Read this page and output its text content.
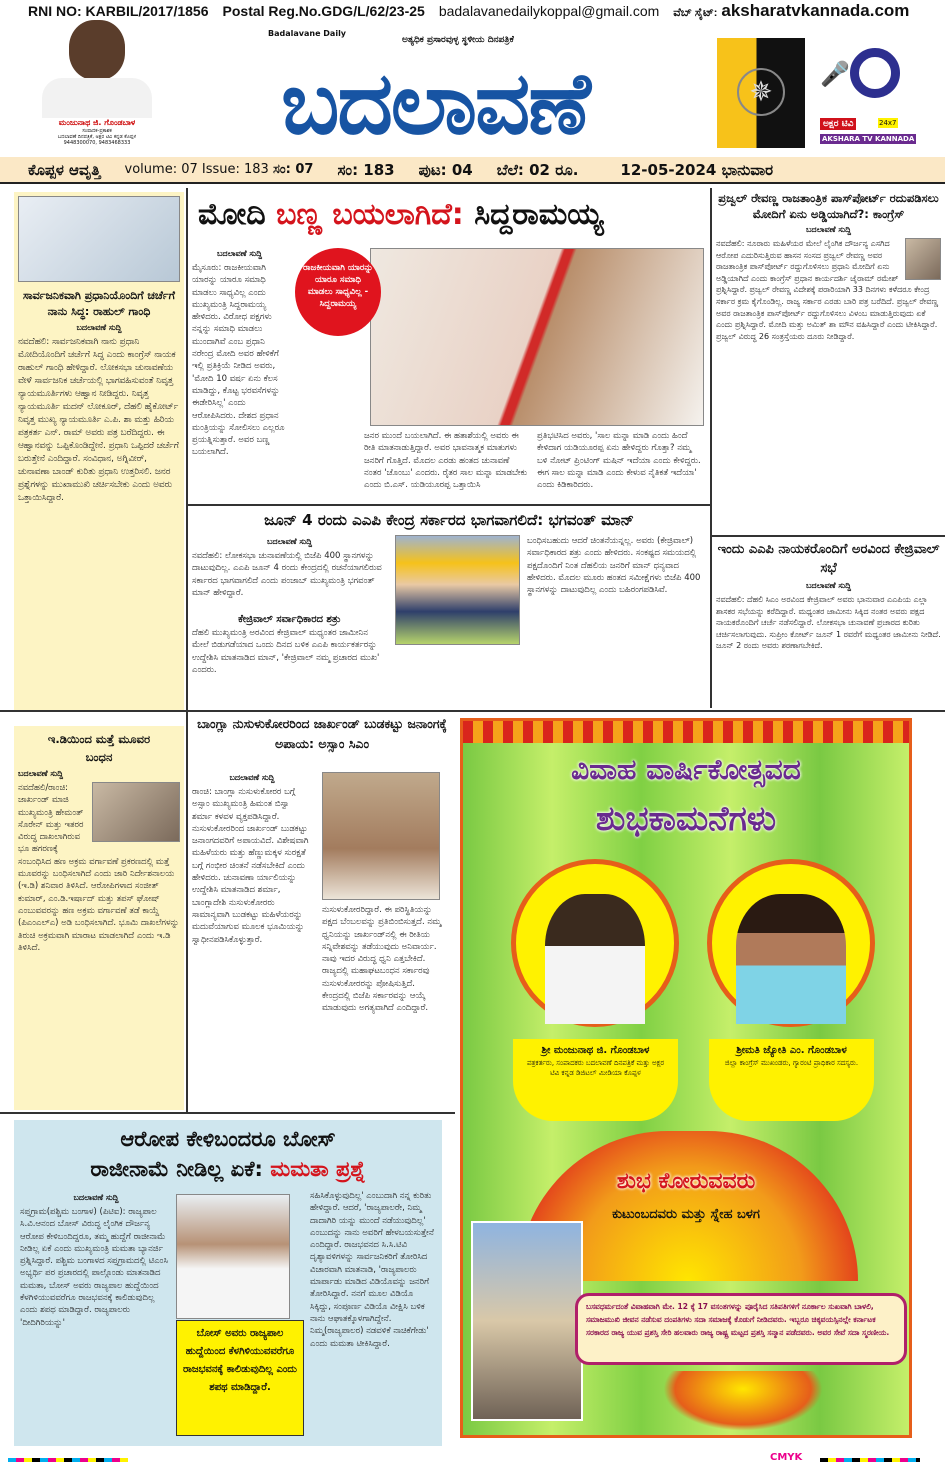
RNI NO: KARBIL/2017/1856 Postal Reg.No.GDG/L/62/23-25 badalavanedailykoppal@gmail.com ವೆಬ್ ಸೈಟ್: aksharatvkannada.com
ಮಂಜುನಾಥ ಜಿ. ಗೊಂಡಬಾಳ
ಸಂಪಾದಕ-ಪ್ರಕಾಶಕ
ಬದಲಾವಣೆ ದಿನಪತ್ರಿಕೆ, ಅಕ್ಷರ ಟಿವಿ ಕನ್ನಡ ಕೊಪ್ಪಳ
9448300070, 9483468333
Badalavane Daily
ಅತ್ಯಧಿಕ ಪ್ರಸಾರವುಳ್ಳ ಸ್ಥಳೀಯ ದಿನಪತ್ರಿಕೆ
ಬದಲಾವಣೆ	✵
🎤
ಅಕ್ಷರ ಟಿವಿ	24x7
AKSHARA TV KANNADA
ಕೊಪ್ಪಳ ಆವೃತ್ತಿ volume: 07 Issue: 183 ಸಂ: 07 ಸಂ: 183 ಪುಟ: 04 ಬೆಲೆ: 02 ರೂ.	12-05-2024 ಭಾನುವಾರ
ಸಾರ್ವಜನಿಕವಾಗಿ ಪ್ರಧಾನಿಯೊಂದಿಗೆ ಚರ್ಚೆಗೆ ನಾನು ಸಿದ್ಧ: ರಾಹುಲ್ ಗಾಂಧಿ
ಬದಲಾವಣೆ ಸುದ್ದಿ
ನವದೆಹಲಿ: ಸಾರ್ವಜನಿಕವಾಗಿ ನಾನು ಪ್ರಧಾನಿ ಮೋದಿಯೊಂದಿಗೆ ಚರ್ಚೆಗೆ ಸಿದ್ಧ ಎಂದು ಕಾಂಗ್ರೆಸ್ ನಾಯಕ ರಾಹುಲ್ ಗಾಂಧಿ ಹೇಳಿದ್ದಾರೆ. ಲೋಕಸಭಾ ಚುನಾವಣೆಯ ವೇಳೆ ಸಾರ್ವಜನಿಕ ಚರ್ಚೆಯಲ್ಲಿ ಭಾಗವಹಿಸುವಂತೆ ನಿವೃತ್ತ ನ್ಯಾಯಮೂರ್ತಿಗಳು ಆಹ್ವಾನ ನೀಡಿದ್ದರು. ನಿವೃತ್ತ ನ್ಯಾಯಮೂರ್ತಿ ಮದನ್ ಲೋಕೂರ್, ದೆಹಲಿ ಹೈಕೋರ್ಟ್ ನಿವೃತ್ತ ಮುಖ್ಯ ನ್ಯಾಯಮೂರ್ತಿ ಎ.ಪಿ. ಶಾ ಮತ್ತು ಹಿರಿಯ ಪತ್ರಕರ್ತ ಎನ್. ರಾಮ್ ಅವರು ಪತ್ರ ಬರೆದಿದ್ದರು. ಈ ಆಹ್ವಾನವನ್ನು ಒಪ್ಪಿಕೊಂಡಿದ್ದೇನೆ. ಪ್ರಧಾನಿ ಒಪ್ಪಿದರೆ ಚರ್ಚೆಗೆ ಬರುತ್ತೇನೆ ಎಂದಿದ್ದಾರೆ. ಸಂವಿಧಾನ, ಅಗ್ನಿವೀರ್, ಚುನಾವಣಾ ಬಾಂಡ್ ಕುರಿತು ಪ್ರಧಾನಿ ಉತ್ತರಿಸಲಿ. ಜನರ ಪ್ರಶ್ನೆಗಳನ್ನು ಮುಖಾಮುಖಿ ಚರ್ಚಿಸಬೇಕು ಎಂದು ಅವರು ಒತ್ತಾಯಿಸಿದ್ದಾರೆ.
ಮೋದಿ ಬಣ್ಣ ಬಯಲಾಗಿದೆ: ಸಿದ್ದರಾಮಯ್ಯ
ಬದಲಾವಣೆ ಸುದ್ದಿ
ಮೈಸೂರು: ರಾಜಕೀಯವಾಗಿ ಯಾರನ್ನು ಯಾರೂ ಸಮಾಧಿ ಮಾಡಲು ಸಾಧ್ಯವಿಲ್ಲ ಎಂದು ಮುಖ್ಯಮಂತ್ರಿ ಸಿದ್ದರಾಮಯ್ಯ ಹೇಳಿದರು. ವಿರೋಧ ಪಕ್ಷಗಳು ನನ್ನನ್ನು ಸಮಾಧಿ ಮಾಡಲು ಮುಂದಾಗಿವೆ ಎಂಬ ಪ್ರಧಾನಿ ನರೇಂದ್ರ ಮೋದಿ ಅವರ ಹೇಳಿಕೆಗೆ ಇಲ್ಲಿ ಪ್ರತಿಕ್ರಿಯೆ ನೀಡಿದ ಅವರು, 'ಮೋದಿ 10 ವರ್ಷ ಏನು ಕೆಲಸ ಮಾಡಿದ್ದು, ಕೊಟ್ಟ ಭರವಸೆಗಳನ್ನು ಈಡೇರಿಸಿಲ್ಲ' ಎಂದು ಆರೋಪಿಸಿದರು. ದೇಶದ ಪ್ರಧಾನ ಮಂತ್ರಿಯನ್ನು ಸೋಲಿಸಲು ಎಲ್ಲರೂ ಪ್ರಯತ್ನಿಸುತ್ತಾರೆ. ಅವರ ಬಣ್ಣ ಬಯಲಾಗಿದೆ.
ರಾಜಕೀಯವಾಗಿ ಯಾರನ್ನು ಯಾರೂ ಸಮಾಧಿ ಮಾಡಲು ಸಾಧ್ಯವಿಲ್ಲ - ಸಿದ್ದರಾಮಯ್ಯ
ಜನರ ಮುಂದೆ ಬಯಲಾಗಿದೆ. ಈ ಹತಾಶೆಯಲ್ಲಿ ಅವರು ಈ ರೀತಿ ಮಾತನಾಡುತ್ತಿದ್ದಾರೆ. ಅವರ ಭಾವನಾತ್ಮಕ ಮಾತುಗಳು ಜನರಿಗೆ ಗೊತ್ತಿದೆ. ಮೊದಲ ಎರಡು ಹಂತದ ಚುನಾವಣೆ ನಂತರ 'ಚೊಂಬು' ಎಂದರು. ರೈತರ ಸಾಲ ಮನ್ನಾ ಮಾಡಬೇಕು ಎಂದು ಬಿ.ಎಸ್. ಯಡಿಯೂರಪ್ಪ ಒತ್ತಾಯಿಸಿ
ಪ್ರತಿಭಟಿಸಿದ ಅವರು, 'ಸಾಲ ಮನ್ನಾ ಮಾಡಿ ಎಂದು ಹಿಂದೆ ಕೇಳಿದಾಗ ಯಡಿಯೂರಪ್ಪ ಏನು ಹೇಳಿದ್ದರು ಗೊತ್ತಾ? ನಮ್ಮ ಬಳಿ ನೋಟ್ ಪ್ರಿಂಟಿಂಗ್ ಮಷಿನ್ ಇದೆಯಾ ಎಂದು ಕೇಳಿದ್ದರು. ಈಗ ಸಾಲ ಮನ್ನಾ ಮಾಡಿ ಎಂದು ಕೇಳುವ ನೈತಿಕತೆ ಇದೆಯಾ' ಎಂದು ಕಿಡಿಕಾರಿದರು.
ಜೂನ್ 4 ರಂದು ಎಎಪಿ ಕೇಂದ್ರ ಸರ್ಕಾರದ ಭಾಗವಾಗಲಿದೆ: ಭಗವಂತ್ ಮಾನ್
ಬದಲಾವಣೆ ಸುದ್ದಿ
ನವದೆಹಲಿ: ಲೋಕಸಭಾ ಚುನಾವಣೆಯಲ್ಲಿ ಬಿಜೆಪಿ 400 ಸ್ಥಾನಗಳನ್ನು ದಾಟುವುದಿಲ್ಲ. ಎಎಪಿ ಜೂನ್ 4 ರಂದು ಕೇಂದ್ರದಲ್ಲಿ ರಚನೆಯಾಗಲಿರುವ ಸರ್ಕಾರದ ಭಾಗವಾಗಲಿದೆ ಎಂದು ಪಂಜಾಬ್ ಮುಖ್ಯಮಂತ್ರಿ ಭಗವಂತ್ ಮಾನ್ ಹೇಳಿದ್ದಾರೆ.
ಕೇಜ್ರಿವಾಲ್ ಸರ್ವಾಧಿಕಾರದ ಶತ್ರು
ದೆಹಲಿ ಮುಖ್ಯಮಂತ್ರಿ ಅರವಿಂದ ಕೇಜ್ರಿವಾಲ್ ಮಧ್ಯಂತರ ಜಾಮೀನಿನ ಮೇಲೆ ಬಿಡುಗಡೆಯಾದ ಒಂದು ದಿನದ ಬಳಿಕ ಎಎಪಿ ಕಾರ್ಯಕರ್ತರನ್ನು ಉದ್ದೇಶಿಸಿ ಮಾತನಾಡಿದ ಮಾನ್, 'ಕೇಜ್ರಿವಾಲ್ ನಮ್ಮ ಪ್ರಚಾರದ ಮುಖ' ಎಂದರು.
ಬಂಧಿಸಬಹುದು ಆದರೆ ಚಿಂತನೆಯನ್ನಲ್ಲ. ಅವರು (ಕೇಜ್ರಿವಾಲ್) ಸರ್ವಾಧಿಕಾರದ ಶತ್ರು ಎಂದು ಹೇಳಿದರು. ಸಂಕಷ್ಟದ ಸಮಯದಲ್ಲಿ ಪಕ್ಷದೊಂದಿಗೆ ನಿಂತ ದೆಹಲಿಯ ಜನರಿಗೆ ಮಾನ್ ಧನ್ಯವಾದ ಹೇಳಿದರು. ಮೊದಲ ಮೂರು ಹಂತದ ಸಮೀಕ್ಷೆಗಳು ಬಿಜೆಪಿ 400 ಸ್ಥಾನಗಳನ್ನು ದಾಟುವುದಿಲ್ಲ ಎಂದು ಬಹಿರಂಗಪಡಿಸಿವೆ.
ಪ್ರಜ್ವಲ್ ರೇವಣ್ಣ ರಾಜತಾಂತ್ರಿಕ ಪಾಸ್‌ಪೋರ್ಟ್ ರದುಪಡಿಸಲು ಮೋದಿಗೆ ಏನು ಅಡ್ಡಿಯಾಗಿದೆ?: ಕಾಂಗ್ರೆಸ್
ಬದಲಾವಣೆ ಸುದ್ದಿ
ನವದೆಹಲಿ: ನೂರಾರು ಮಹಿಳೆಯರ ಮೇಲೆ ಲೈಂಗಿಕ ದೌರ್ಜನ್ಯ ಎಸಗಿದ ಆರೋಪ ಎದುರಿಸುತ್ತಿರುವ ಹಾಸನ ಸಂಸದ ಪ್ರಜ್ವಲ್ ರೇವಣ್ಣ ಅವರ ರಾಜತಾಂತ್ರಿಕ ಪಾಸ್‌ಪೋರ್ಟ್ ರದ್ದುಗೊಳಿಸಲು ಪ್ರಧಾನಿ ಮೋದಿಗೆ ಏನು ಅಡ್ಡಿಯಾಗಿದೆ ಎಂದು ಕಾಂಗ್ರೆಸ್ ಪ್ರಧಾನ ಕಾರ್ಯದರ್ಶಿ ಜೈರಾಮ್ ರಮೇಶ್ ಪ್ರಶ್ನಿಸಿದ್ದಾರೆ. ಪ್ರಜ್ವಲ್ ರೇವಣ್ಣ ವಿದೇಶಕ್ಕೆ ಪರಾರಿಯಾಗಿ 33 ದಿನಗಳು ಕಳೆದರೂ ಕೇಂದ್ರ ಸರ್ಕಾರ ಕ್ರಮ ಕೈಗೊಂಡಿಲ್ಲ. ರಾಜ್ಯ ಸರ್ಕಾರ ಎರಡು ಬಾರಿ ಪತ್ರ ಬರೆದಿದೆ. ಪ್ರಜ್ವಲ್ ರೇವಣ್ಣ ಅವರ ರಾಜತಾಂತ್ರಿಕ ಪಾಸ್‌ಪೋರ್ಟ್ ರದ್ದುಗೊಳಿಸಲು ವಿಳಂಬ ಮಾಡುತ್ತಿರುವುದು ಏಕೆ ಎಂದು ಪ್ರಶ್ನಿಸಿದ್ದಾರೆ. ಮೋದಿ ಮತ್ತು ಅಮಿತ್ ಶಾ ಮೌನ ವಹಿಸಿದ್ದಾರೆ ಎಂದು ಟೀಕಿಸಿದ್ದಾರೆ. ಪ್ರಜ್ವಲ್ ವಿರುದ್ಧ 26 ಸಂತ್ರಸ್ತೆಯರು ದೂರು ನೀಡಿದ್ದಾರೆ.
ಇಂದು ಎಎಪಿ ನಾಯಕರೊಂದಿಗೆ ಅರವಿಂದ ಕೇಜ್ರಿವಾಲ್ ಸಭೆ
ಬದಲಾವಣೆ ಸುದ್ದಿ
ನವದೆಹಲಿ: ದೆಹಲಿ ಸಿಎಂ ಅರವಿಂದ ಕೇಜ್ರಿವಾಲ್ ಅವರು ಭಾನುವಾರ ಎಎಪಿಯ ಎಲ್ಲಾ ಶಾಸಕರ ಸಭೆಯನ್ನು ಕರೆದಿದ್ದಾರೆ. ಮಧ್ಯಂತರ ಜಾಮೀನು ಸಿಕ್ಕಿದ ನಂತರ ಅವರು ಪಕ್ಷದ ನಾಯಕರೊಂದಿಗೆ ಚರ್ಚೆ ನಡೆಸಲಿದ್ದಾರೆ. ಲೋಕಸಭಾ ಚುನಾವಣೆ ಪ್ರಚಾರದ ಕುರಿತು ಚರ್ಚಿಸಲಾಗುವುದು. ಸುಪ್ರೀಂ ಕೋರ್ಟ್ ಜೂನ್ 1 ರವರೆಗೆ ಮಧ್ಯಂತರ ಜಾಮೀನು ನೀಡಿದೆ. ಜೂನ್ 2 ರಂದು ಅವರು ಶರಣಾಗಬೇಕಿದೆ.
ಇ.ಡಿಯಿಂದ ಮತ್ತೆ ಮೂವರ ಬಂಧನ
ಬದಲಾವಣೆ ಸುದ್ದಿ
ನವದೆಹಲಿ/ರಾಂಚಿ: ಜಾರ್ಖಂಡ್ ಮಾಜಿ ಮುಖ್ಯಮಂತ್ರಿ ಹೇಮಂತ್ ಸೊರೇನ್ ಮತ್ತು ಇತರರ ವಿರುದ್ಧ ದಾಖಲಾಗಿರುವ ಭೂ ಹಗರಣಕ್ಕೆ ಸಂಬಂಧಿಸಿದ ಹಣ ಅಕ್ರಮ ವರ್ಗಾವಣೆ ಪ್ರಕರಣದಲ್ಲಿ ಮತ್ತೆ ಮೂವರನ್ನು ಬಂಧಿಸಲಾಗಿದೆ ಎಂದು ಜಾರಿ ನಿರ್ದೇಶನಾಲಯ (ಇ.ಡಿ) ಶನಿವಾರ ತಿಳಿಸಿದೆ. ಆರೋಪಿಗಳಾದ ಸಂಜೀತ್ ಕುಮಾರ್, ಎಂ.ಡಿ.ಇರ್ಷಾದ್ ಮತ್ತು ತಪಸ್ ಘೋಷ್ ಎಂಬುವವರನ್ನು ಹಣ ಅಕ್ರಮ ವರ್ಗಾವಣೆ ತಡೆ ಕಾಯ್ದೆ (ಪಿಎಂಎಲ್ಎ) ಅಡಿ ಬಂಧಿಸಲಾಗಿದೆ. ಭೂಮಿ ದಾಖಲೆಗಳನ್ನು ತಿರುಚಿ ಅಕ್ರಮವಾಗಿ ಮಾರಾಟ ಮಾಡಲಾಗಿದೆ ಎಂದು ಇ.ಡಿ ತಿಳಿಸಿದೆ.
ಬಾಂಗ್ಲಾ ನುಸುಳುಕೋರರಿಂದ ಜಾರ್ಖಂಡ್ ಬುಡಕಟ್ಟು ಜನಾಂಗಕ್ಕೆ ಅಪಾಯ: ಅಸ್ಸಾಂ ಸಿಎಂ
ಬದಲಾವಣೆ ಸುದ್ದಿ
ರಾಂಚಿ: ಬಾಂಗ್ಲಾ ನುಸುಳುಕೋರರ ಬಗ್ಗೆ ಅಸ್ಸಾಂ ಮುಖ್ಯಮಂತ್ರಿ ಹಿಮಂತ ಬಿಸ್ವಾ ಶರ್ಮಾ ಕಳವಳ ವ್ಯಕ್ತಪಡಿಸಿದ್ದಾರೆ. ನುಸುಳುಕೋರರಿಂದ ಜಾರ್ಖಂಡ್ ಬುಡಕಟ್ಟು ಜನಾಂಗದವರಿಗೆ ಅಪಾಯವಿದೆ. ವಿಶೇಷವಾಗಿ ಮಹಿಳೆಯರು ಮತ್ತು ಹೆಣ್ಣುಮಕ್ಕಳ ಸುರಕ್ಷತೆ ಬಗ್ಗೆ ಗಂಭೀರ ಚಿಂತನೆ ನಡೆಸಬೇಕಿದೆ ಎಂದು ಹೇಳಿದರು. ಚುನಾವಣಾ ರ್ಯಾಲಿಯನ್ನು ಉದ್ದೇಶಿಸಿ ಮಾತನಾಡಿದ ಶರ್ಮಾ, ಬಾಂಗ್ಲಾದೇಶಿ ನುಸುಳುಕೋರರು ಸಾಮಾನ್ಯವಾಗಿ ಬುಡಕಟ್ಟು ಮಹಿಳೆಯರನ್ನು ಮದುವೆಯಾಗುವ ಮೂಲಕ ಭೂಮಿಯನ್ನು ಸ್ವಾಧೀನಪಡಿಸಿಕೊಳ್ಳುತ್ತಾರೆ.
ನುಸುಳುಕೋರರಿದ್ದಾರೆ. ಈ ಪರಿಸ್ಥಿತಿಯನ್ನು ಪಕ್ಷದ ಬೆಂಬಲವನ್ನು ಪ್ರತಿಬಿಂಬಿಸುತ್ತದೆ. ನಮ್ಮ ಧ್ವನಿಯನ್ನು ಜಾರ್ಖಂಡ್‌ನಲ್ಲಿ ಈ ರೀತಿಯ ಸನ್ನಿವೇಶವನ್ನು ತಡೆಯುವುದು ಅನಿವಾರ್ಯ. ನಾವು ಇದರ ವಿರುದ್ಧ ಧ್ವನಿ ಎತ್ತಬೇಕಿದೆ. ರಾಜ್ಯದಲ್ಲಿ ಮಹಾಘಟಬಂಧನ ಸರ್ಕಾರವು ನುಸುಳುಕೋರರನ್ನು ಪೋಷಿಸುತ್ತಿದೆ. ಕೇಂದ್ರದಲ್ಲಿ ಬಿಜೆಪಿ ಸರ್ಕಾರವನ್ನು ಆಯ್ಕೆ ಮಾಡುವುದು ಅಗತ್ಯವಾಗಿದೆ ಎಂದಿದ್ದಾರೆ.
ವಿವಾಹ ವಾರ್ಷಿಕೋತ್ಸವದ
ಶುಭಕಾಮನೆಗಳು
ಶ್ರೀ ಮಂಜುನಾಥ ಜಿ. ಗೊಂಡಬಾಳ
ಪತ್ರಕರ್ತರು, ಸಂಪಾದಕರು ಬದಲಾವಣೆ ದಿನಪತ್ರಿಕೆ ಮತ್ತು ಅಕ್ಷರ ಟಿವಿ ಕನ್ನಡ ಡಿಜಿಟಲ್ ಮೀಡಿಯಾ ಕೊಪ್ಪಳ
ಶ್ರೀಮತಿ ಜ್ಯೋತಿ ಎಂ. ಗೊಂಡಬಾಳ
ಜಿಲ್ಲಾ ಕಾಂಗ್ರೆಸ್ ಮುಖಂಡರು, ಗ್ಯಾರಂಟಿ ಪ್ರಾಧಿಕಾರ ಸದಸ್ಯರು.
ಶುಭ ಕೋರುವವರು
ಕುಟುಂಬದವರು ಮತ್ತು ಸ್ನೇಹ ಬಳಗ
ಬಸವಧರ್ಮದಂತೆ ವಿವಾಹವಾಗಿ ಮೇ. 12 ಕ್ಕೆ 17 ವಸಂತಗಳನ್ನು ಪೂರೈಸಿದ ಸತಿಪತಿಗಳಿಗೆ ನೂರ್ಕಾಲ ಸುಖವಾಗಿ ಬಾಳಲಿ, ಸಮಾಜಮುಖಿ ಜೀವನ ನಡೆಸುವ ದಂಪತಿಗಳು ಸದಾ ಸಮಾಜಕ್ಕೆ ಕೊಡುಗೆ ನೀಡಿದವರು. ಇಬ್ಬರೂ ಚಿಕ್ಕವಯಸ್ಸಿನಲ್ಲೇ ಕರ್ನಾಟಕ ಸರಕಾರದ ರಾಜ್ಯ ಯುವ ಪ್ರಶಸ್ತಿ ಸೇರಿ ಹಲವಾರು ರಾಜ್ಯ ರಾಷ್ಟ್ರ ಮಟ್ಟದ ಪ್ರಶಸ್ತಿ ಸನ್ಮಾನ ಪಡೆದವರು. ಅವರ ಸೇವೆ ಸದಾ ಸ್ಮರಣೀಯ.
ಆರೋಪ ಕೇಳಿಬಂದರೂ ಬೋಸ್
ರಾಜೀನಾಮೆ ನೀಡಿಲ್ಲ ಏಕೆ: ಮಮತಾ ಪ್ರಶ್ನೆ
ಬದಲಾವಣೆ ಸುದ್ದಿ
ಸಪ್ತಗ್ರಾಮ(ಪಶ್ಚಿಮ ಬಂಗಾಳ) (ಪಿಟಿಐ): ರಾಜ್ಯಪಾಲ ಸಿ.ವಿ.ಆನಂದ ಬೋಸ್ ವಿರುದ್ಧ ಲೈಂಗಿಕ ದೌರ್ಜನ್ಯ ಆರೋಪ ಕೇಳಿಬಂದಿದ್ದರೂ, ತಮ್ಮ ಹುದ್ದೆಗೆ ರಾಜೀನಾಮೆ ನೀಡಿಲ್ಲ ಏಕೆ ಎಂದು ಮುಖ್ಯಮಂತ್ರಿ ಮಮತಾ ಬ್ಯಾನರ್ಜಿ ಪ್ರಶ್ನಿಸಿದ್ದಾರೆ. ಪಶ್ಚಿಮ ಬಂಗಾಳದ ಸಪ್ತಗ್ರಾಮದಲ್ಲಿ ಟಿಎಂಸಿ ಅಭ್ಯರ್ಥಿ ಪರ ಪ್ರಚಾರದಲ್ಲಿ ಪಾಲ್ಗೊಂಡು ಮಾತನಾಡಿದ ಮಮತಾ, ಬೋಸ್ ಅವರು ರಾಜ್ಯಪಾಲ ಹುದ್ದೆಯಿಂದ ಕೆಳಗಿಳಿಯುವವರೆಗೂ ರಾಜಭವನಕ್ಕೆ ಕಾಲಿಡುವುದಿಲ್ಲ ಎಂದು ಶಪಥ ಮಾಡಿದ್ದಾರೆ. ರಾಜ್ಯಪಾಲರು 'ದೀದಿಗಿರಿಯನ್ನು'
ಬೋಸ್ ಅವರು ರಾಜ್ಯಪಾಲ ಹುದ್ದೆಯಿಂದ ಕೆಳಗಿಳಿಯುವವರೆಗೂ ರಾಜಭವನಕ್ಕೆ ಕಾಲಿಡುವುದಿಲ್ಲ ಎಂದು ಶಪಥ ಮಾಡಿದ್ದಾರೆ.
ಸಹಿಸಿಕೊಳ್ಳುವುದಿಲ್ಲ' ಎಂಬುದಾಗಿ ನನ್ನ ಕುರಿತು ಹೇಳಿದ್ದಾರೆ. ಆದರೆ, 'ರಾಜ್ಯಪಾಲರೇ, ನಿಮ್ಮ ದಾದಾಗಿರಿ ಯನ್ನು ಮುಂದೆ ನಡೆಯುವುದಿಲ್ಲ' ಎಂಬುದನ್ನು ನಾನು ಅವರಿಗೆ ಹೇಳಬಯಸುತ್ತೇನೆ ಎಂದಿದ್ದಾರೆ. ರಾಜಭವನದ ಸಿ.ಸಿ.ಟಿವಿ ದೃಶ್ಯಾವಳಿಗಳನ್ನು ಸಾರ್ವಜನಿಕರಿಗೆ ತೋರಿಸಿದ ವಿಚಾರವಾಗಿ ಮಾತನಾಡಿ, 'ರಾಜ್ಯಪಾಲರು ಮಾರ್ಪಾಡು ಮಾಡಿದ ವಿಡಿಯೊವನ್ನು ಜನರಿಗೆ ತೋರಿಸಿದ್ದಾರೆ. ನನಗೆ ಮೂಲ ವಿಡಿಯೊ ಸಿಕ್ಕಿದ್ದು, ಸಂಪೂರ್ಣ ವಿಡಿಯೊ ವೀಕ್ಷಿಸಿ ಬಳಿಕ ನಾನು ಆಘಾತಕ್ಕೊಳಗಾಗಿದ್ದೇನೆ. ನಿಮ್ಮ(ರಾಜ್ಯಪಾಲರ) ನಡವಳಿಕೆ ನಾಚಿಕೆಗೇಡು' ಎಂದು ಮಮತಾ ಟೀಕಿಸಿದ್ದಾರೆ.
CMYK
